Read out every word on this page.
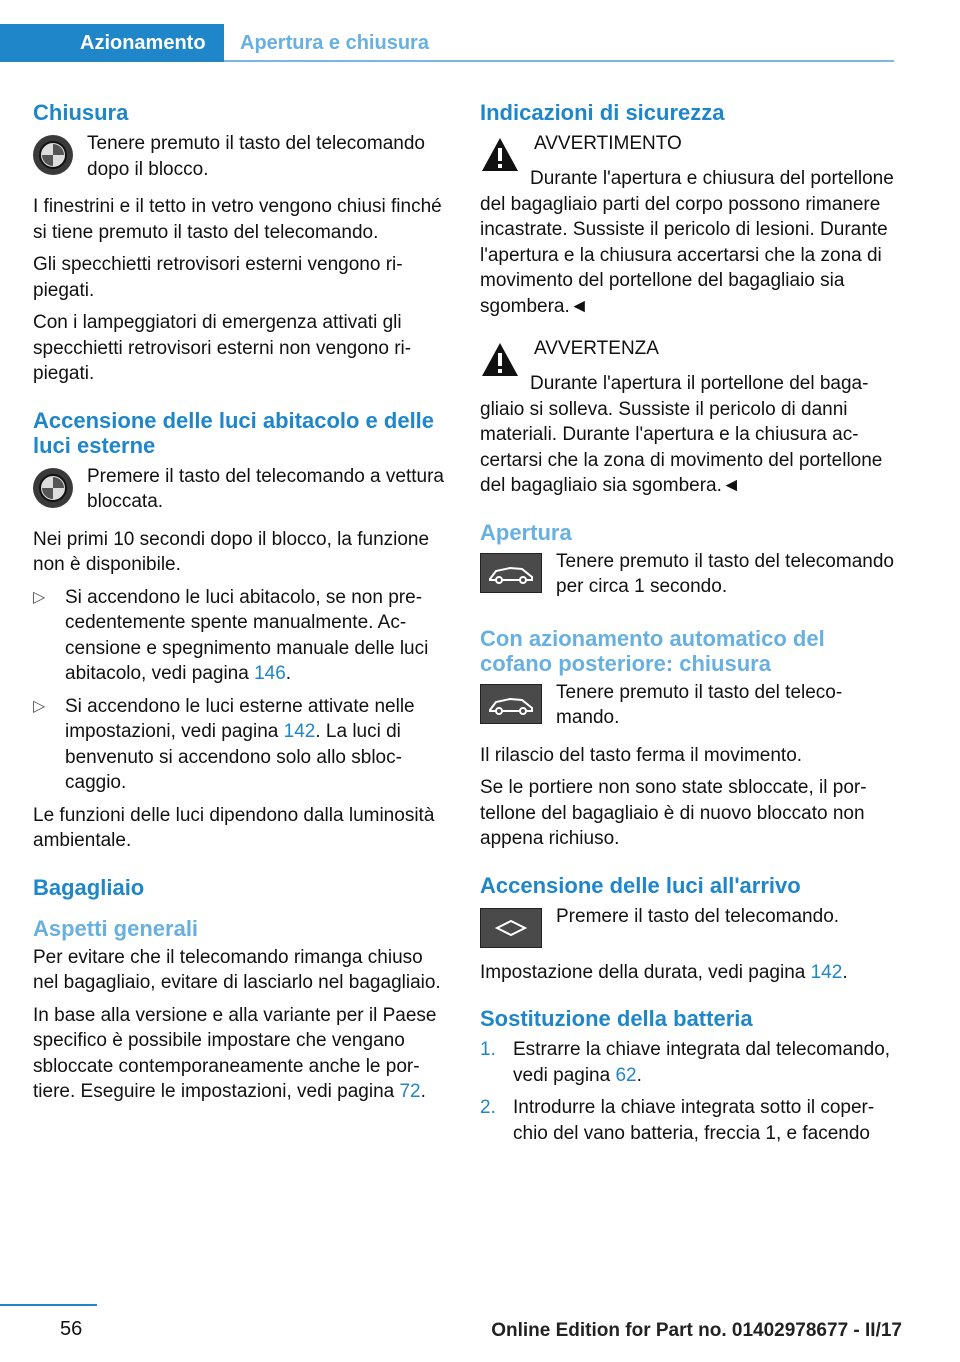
Azionamento	Apertura e chiusura
Chiusura
Tenere premuto il tasto del telecomando dopo il blocco.
I finestrini e il tetto in vetro vengono chiusi finché si tiene premuto il tasto del telecomando.
Gli specchietti retrovisori esterni vengono ripiegati.
Con i lampeggiatori di emergenza attivati gli specchietti retrovisori esterni non vengono ripiegati.
Accensione delle luci abitacolo e delle luci esterne
Premere il tasto del telecomando a vettura bloccata.
Nei primi 10 secondi dopo il blocco, la funzione non è disponibile.
▷	Si accendono le luci abitacolo, se non precedentemente spente manualmente. Accensione e spegnimento manuale delle luci abitacolo, vedi pagina 146.
▷	Si accendono le luci esterne attivate nelle impostazioni, vedi pagina 142. La luci di benvenuto si accendono solo allo sbloccaggio.
Le funzioni delle luci dipendono dalla luminosità ambientale.
Bagagliaio
Aspetti generali
Per evitare che il telecomando rimanga chiuso nel bagagliaio, evitare di lasciarlo nel bagagliaio.
In base alla versione e alla variante per il Paese specifico è possibile impostare che vengano sbloccate contemporaneamente anche le portiere. Eseguire le impostazioni, vedi pagina 72.
Indicazioni di sicurezza
AVVERTIMENTO
Durante l'apertura e chiusura del portellone del bagagliaio parti del corpo possono rimanere incastrate. Sussiste il pericolo di lesioni. Durante l'apertura e la chiusura accertarsi che la zona di movimento del portellone del bagagliaio sia sgombera.◄
AVVERTENZA
Durante l'apertura il portellone del bagagliaio si solleva. Sussiste il pericolo di danni materiali. Durante l'apertura e la chiusura accertarsi che la zona di movimento del portellone del bagagliaio sia sgombera.◄
Apertura
Tenere premuto il tasto del telecomando per circa 1 secondo.
Con azionamento automatico del cofano posteriore: chiusura
Tenere premuto il tasto del telecomando.
Il rilascio del tasto ferma il movimento.
Se le portiere non sono state sbloccate, il portellone del bagagliaio è di nuovo bloccato non appena richiuso.
Accensione delle luci all'arrivo
Premere il tasto del telecomando.
Impostazione della durata, vedi pagina 142.
Sostituzione della batteria
1. Estrarre la chiave integrata dal telecomando, vedi pagina 62.
2. Introdurre la chiave integrata sotto il coperchio del vano batteria, freccia 1, e facendo
56	Online Edition for Part no. 01402978677 - II/17
